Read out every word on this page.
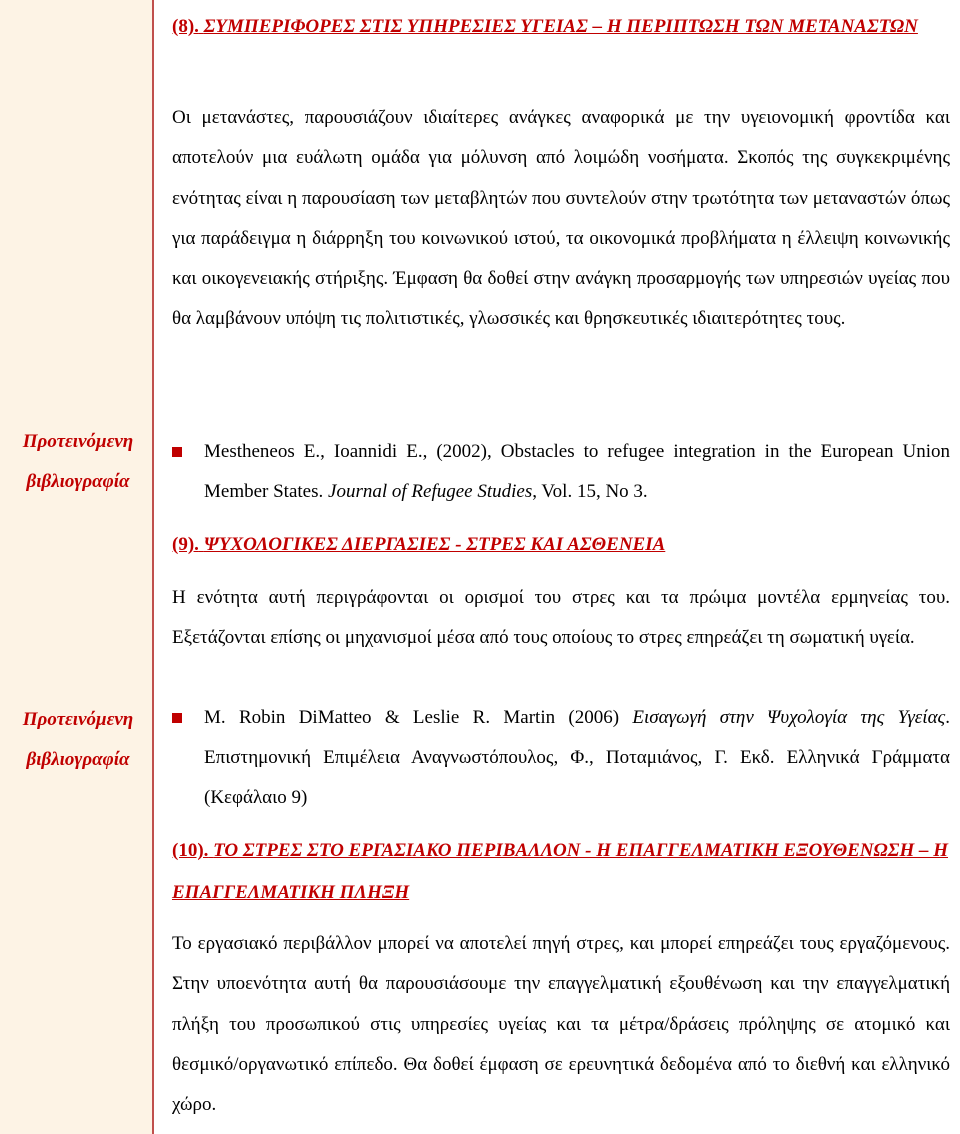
Προτεινόμενη
βιβλιογραφία
Προτεινόμενη
βιβλιογραφία
(8). ΣΥΜΠΕΡΙΦΟΡΕΣ ΣΤΙΣ ΥΠΗΡΕΣΙΕΣ ΥΓΕΙΑΣ – Η ΠΕΡΙΠΤΩΣΗ ΤΩΝ ΜΕΤΑΝΑΣΤΩΝ
Οι μετανάστες, παρουσιάζουν ιδιαίτερες ανάγκες αναφορικά με την υγειονομική φροντίδα και αποτελούν μια ευάλωτη ομάδα για μόλυνση από λοιμώδη νοσήματα. Σκοπός της συγκεκριμένης ενότητας είναι η παρουσίαση των μεταβλητών που συντελούν στην τρωτότητα των μεταναστών όπως για παράδειγμα η διάρρηξη του κοινωνικού ιστού, τα οικονομικά προβλήματα η έλλειψη κοινωνικής και οικογενειακής στήριξης. Έμφαση θα δοθεί στην ανάγκη προσαρμογής των υπηρεσιών υγείας που θα λαμβάνουν υπόψη τις πολιτιστικές, γλωσσικές και θρησκευτικές ιδιαιτερότητες τους.
Mestheneos E., Ioannidi E., (2002), Obstacles to refugee integration in the European Union Member States. Journal of Refugee Studies, Vol. 15, No 3.
(9). ΨΥΧΟΛΟΓΙΚΕΣ ΔΙΕΡΓΑΣΙΕΣ - ΣΤΡΕΣ ΚΑΙ ΑΣΘΕΝΕΙΑ
Η ενότητα αυτή περιγράφονται οι ορισμοί του στρες και τα πρώιμα μοντέλα ερμηνείας του. Εξετάζονται επίσης οι μηχανισμοί μέσα από τους οποίους το στρες επηρεάζει τη σωματική υγεία.
M. Robin DiMatteo & Leslie R. Martin (2006) Εισαγωγή στην Ψυχολογία της Υγείας. Επιστημονική Επιμέλεια Αναγνωστόπουλος, Φ., Ποταμιάνος, Γ. Εκδ. Ελληνικά Γράμματα (Κεφάλαιο 9)
(10). ΤΟ ΣΤΡΕΣ ΣΤΟ ΕΡΓΑΣΙΑΚΟ ΠΕΡΙΒΑΛΛΟΝ - Η ΕΠΑΓΓΕΛΜΑΤΙΚΗ ΕΞΟΥΘΕΝΩΣΗ – Η ΕΠΑΓΓΕΛΜΑΤΙΚΗ ΠΛΗΞΗ
Το εργασιακό περιβάλλον μπορεί να αποτελεί πηγή στρες, και μπορεί επηρεάζει τους εργαζόμενους. Στην υποενότητα αυτή θα παρουσιάσουμε την επαγγελματική εξουθένωση και την επαγγελματική πλήξη του προσωπικού στις υπηρεσίες υγείας και τα μέτρα/δράσεις πρόληψης σε ατομικό και θεσμικό/οργανωτικό επίπεδο. Θα δοθεί έμφαση σε ερευνητικά δεδομένα από το διεθνή και ελληνικό χώρο.
